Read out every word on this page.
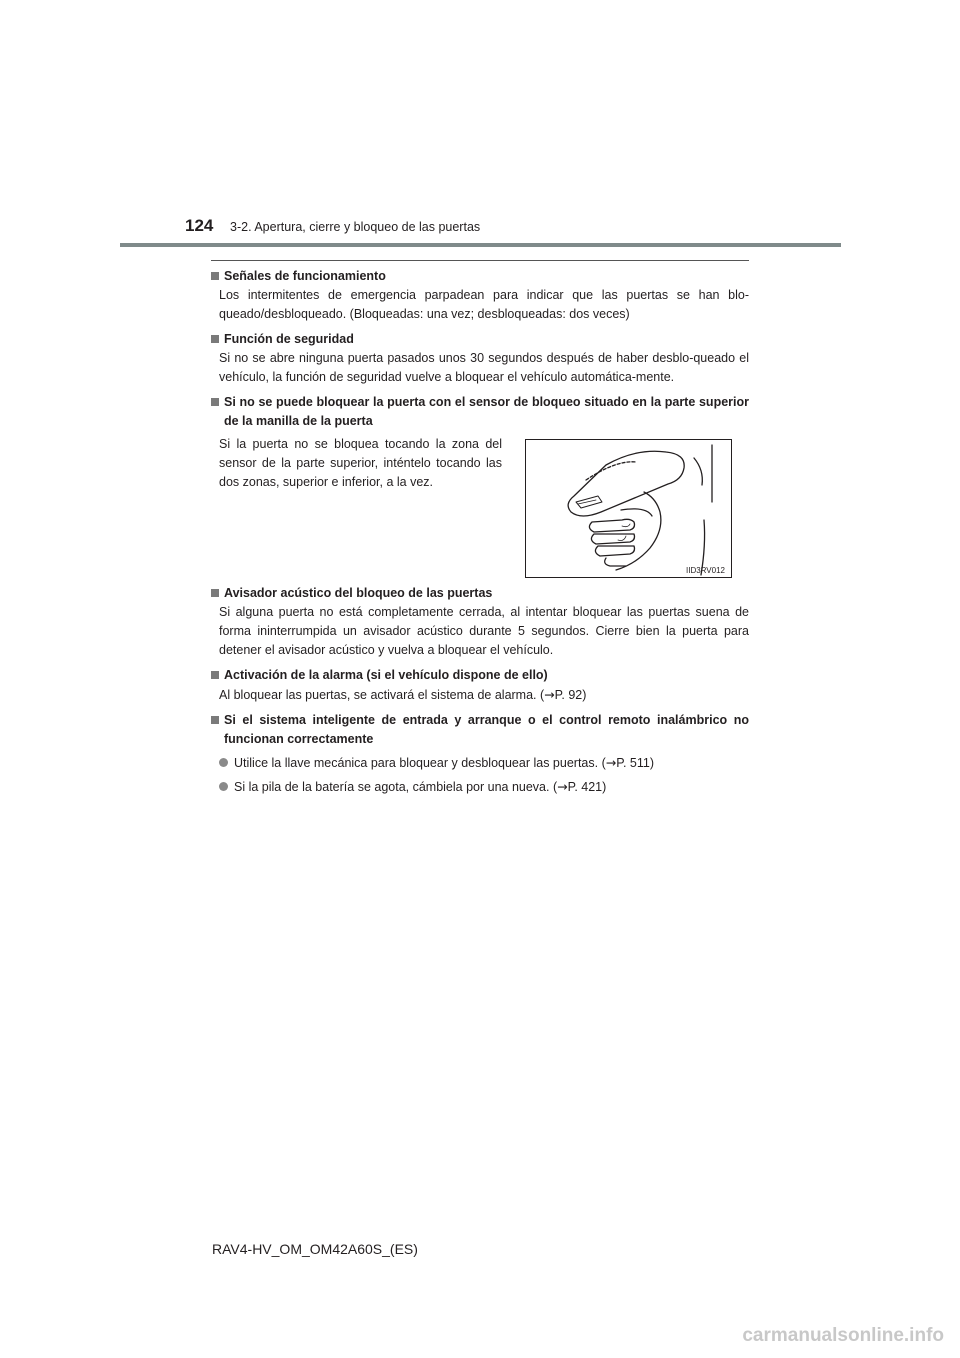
124 3-2. Apertura, cierre y bloqueo de las puertas
Señales de funcionamiento
Los intermitentes de emergencia parpadean para indicar que las puertas se han blo-queado/desbloqueado. (Bloqueadas: una vez; desbloqueadas: dos veces)
Función de seguridad
Si no se abre ninguna puerta pasados unos 30 segundos después de haber desblo-queado el vehículo, la función de seguridad vuelve a bloquear el vehículo automática-mente.
Si no se puede bloquear la puerta con el sensor de bloqueo situado en la parte superior de la manilla de la puerta
Si la puerta no se bloquea tocando la zona del sensor de la parte superior, inténtelo tocando las dos zonas, superior e inferior, a la vez.
IID3RV012
Avisador acústico del bloqueo de las puertas
Si alguna puerta no está completamente cerrada, al intentar bloquear las puertas suena de forma ininterrumpida un avisador acústico durante 5 segundos. Cierre bien la puerta para detener el avisador acústico y vuelva a bloquear el vehículo.
Activación de la alarma (si el vehículo dispone de ello)
Al bloquear las puertas, se activará el sistema de alarma. (→P. 92)
Si el sistema inteligente de entrada y arranque o el control remoto inalámbrico no funcionan correctamente
Utilice la llave mecánica para bloquear y desbloquear las puertas. (→P. 511)
Si la pila de la batería se agota, cámbiela por una nueva. (→P. 421)
RAV4-HV_OM_OM42A60S_(ES)
carmanualsonline.info
